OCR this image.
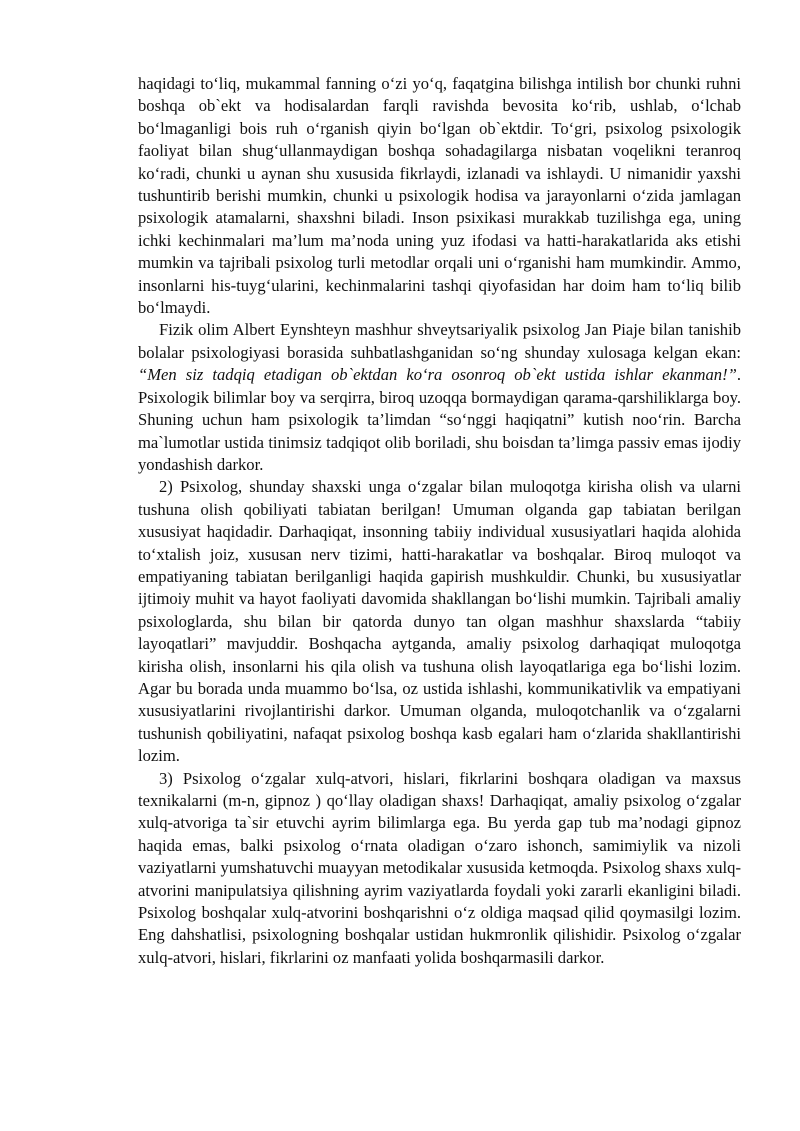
haqidagi to‘liq, mukammal fanning o‘zi yo‘q, faqatgina bilishga intilish bor chunki ruhni boshqa ob`ekt va hodisalardan farqli ravishda bevosita ko‘rib, ushlab, o‘lchab bo‘lmaganligi bois ruh o‘rganish qiyin bo‘lgan ob`ektdir. To‘gri, psixolog psixologik faoliyat bilan shug‘ullanmaydigan boshqa sohadagilarga nisbatan voqelikni teranroq ko‘radi, chunki u aynan shu xususida fikrlaydi, izlanadi va ishlaydi. U nimanidir yaxshi tushuntirib berishi mumkin, chunki u psixologik hodisa va jarayonlarni o‘zida jamlagan psixologik atamalarni, shaxshni biladi. Inson psixikasi murakkab tuzilishga ega, uning ichki kechinmalari ma’lum ma’noda uning yuz ifodasi va hatti-harakatlarida aks etishi mumkin va tajribali psixolog turli metodlar orqali uni o‘rganishi ham mumkindir. Ammo, insonlarni his-tuyg‘ularini, kechinmalarini tashqi qiyofasidan har doim ham to‘liq bilib bo‘lmaydi.

Fizik olim Albert Eynshteyn mashhur shveytsariyalik psixolog Jan Piaje bilan tanishib bolalar psixologiyasi borasida suhbatlashganidan so‘ng shunday xulosaga kelgan ekan: “Men siz tadqiq etadigan ob`ektdan ko‘ra osonroq ob`ekt ustida ishlar ekanman!”. Psixologik bilimlar boy va serqirra, biroq uzoqqa bormaydigan qarama-qarshiliklarga boy. Shuning uchun ham psixologik ta’limdan “so‘nggi haqiqatni” kutish noo‘rin. Barcha ma`lumotlar ustida tinimsiz tadqiqot olib boriladi, shu boisdan ta’limga passiv emas ijodiy yondashish darkor.

2) Psixolog, shunday shaxski unga o‘zgalar bilan muloqotga kirisha olish va ularni tushuna olish qobiliyati tabiatan berilgan! Umuman olganda gap tabiatan berilgan xususiyat haqidadir. Darhaqiqat, insonning tabiiy individual xususiyatlari haqida alohida to‘xtalish joiz, xususan nerv tizimi, hatti-harakatlar va boshqalar. Biroq muloqot va empatiyaning tabiatan berilganligi haqida gapirish mushkuldir. Chunki, bu xususiyatlar ijtimoiy muhit va hayot faoliyati davomida shakllangan bo‘lishi mumkin. Tajribali amaliy psixologlarda, shu bilan bir qatorda dunyo tan olgan mashhur shaxslarda “tabiiy layoqatlari” mavjuddir. Boshqacha aytganda, amaliy psixolog darhaqiqat muloqotga kirisha olish, insonlarni his qila olish va tushuna olish layoqatlariga ega bo‘lishi lozim. Agar bu borada unda muammo bo‘lsa, oz ustida ishlashi, kommunikativlik va empatiyani xususiyatlarini rivojlantirishi darkor. Umuman olganda, muloqotchanlik va o‘zgalarni tushunish qobiliyatini, nafaqat psixolog boshqa kasb egalari ham o‘zlarida shakllantirishi lozim.

3) Psixolog o‘zgalar xulq-atvori, hislari, fikrlarini boshqara oladigan va maxsus texnikalarni (m-n, gipnoz ) qo‘llay oladigan shaxs! Darhaqiqat, amaliy psixolog o‘zgalar xulq-atvoriga ta`sir etuvchi ayrim bilimlarga ega. Bu yerda gap tub ma’nodagi gipnoz haqida emas, balki psixolog o‘rnata oladigan o‘zaro ishonch, samimiylik va nizoli vaziyatlarni yumshatuvchi muayyan metodikalar xususida ketmoqda. Psixolog shaxs xulq-atvorini manipulatsiya qilishning ayrim vaziyatlarda foydali yoki zararli ekanligini biladi. Psixolog boshqalar xulq-atvorini boshqarishni o‘z oldiga maqsad qilid qoymasilgi lozim. Eng dahshatlisi, psixologning boshqalar ustidan hukmronlik qilishidir. Psixolog o‘zgalar xulq-atvori, hislari, fikrlarini oz manfaati yolida boshqarmasili darkor.
